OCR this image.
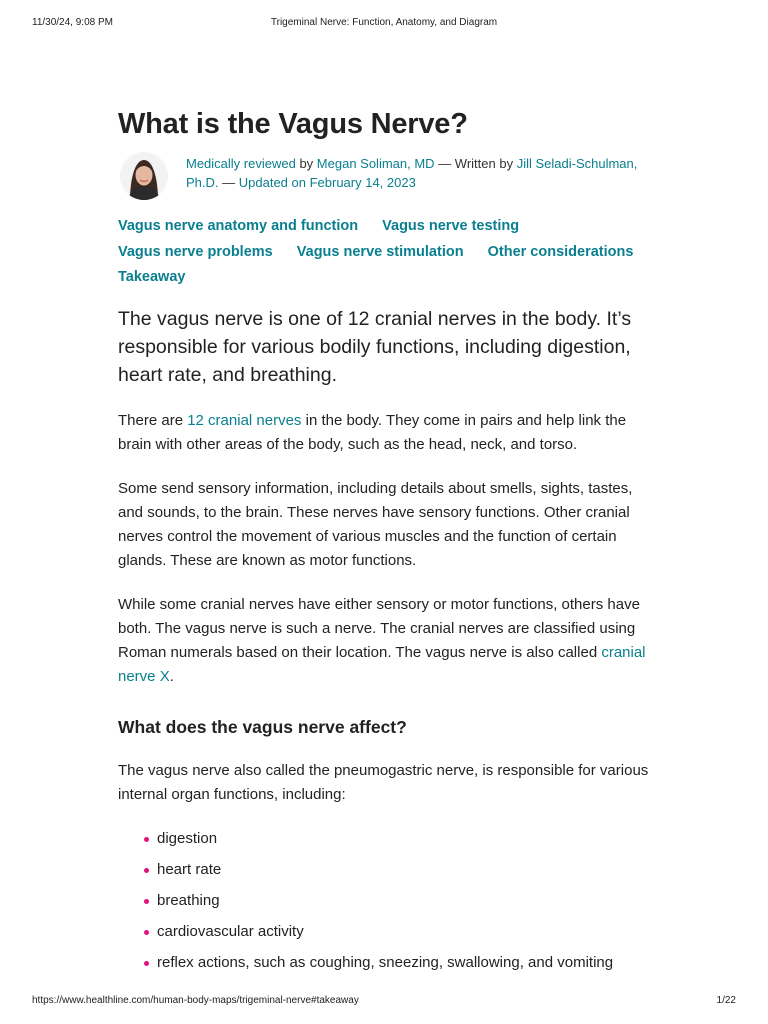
11/30/24, 9:08 PM	Trigeminal Nerve: Function, Anatomy, and Diagram
What is the Vagus Nerve?
Medically reviewed by Megan Soliman, MD — Written by Jill Seladi-Schulman, Ph.D. — Updated on February 14, 2023
Vagus nerve anatomy and function Vagus nerve testing
Vagus nerve problems Vagus nerve stimulation Other considerations
Takeaway

The vagus nerve is one of 12 cranial nerves in the body. It’s responsible for various bodily functions, including digestion, heart rate, and breathing.

There are 12 cranial nerves in the body. They come in pairs and help link the brain with other areas of the body, such as the head, neck, and torso.

Some send sensory information, including details about smells, sights, tastes, and sounds, to the brain. These nerves have sensory functions. Other cranial nerves control the movement of various muscles and the function of certain glands. These are known as motor functions.

While some cranial nerves have either sensory or motor functions, others have both. The vagus nerve is such a nerve. The cranial nerves are classified using Roman numerals based on their location. The vagus nerve is also called cranial nerve X.

What does the vagus nerve affect?

The vagus nerve also called the pneumogastric nerve, is responsible for various internal organ functions, including:

digestion
heart rate
breathing
cardiovascular activity
reflex actions, such as coughing, sneezing, swallowing, and vomiting
https://www.healthline.com/human-body-maps/trigeminal-nerve#takeaway	1/22
